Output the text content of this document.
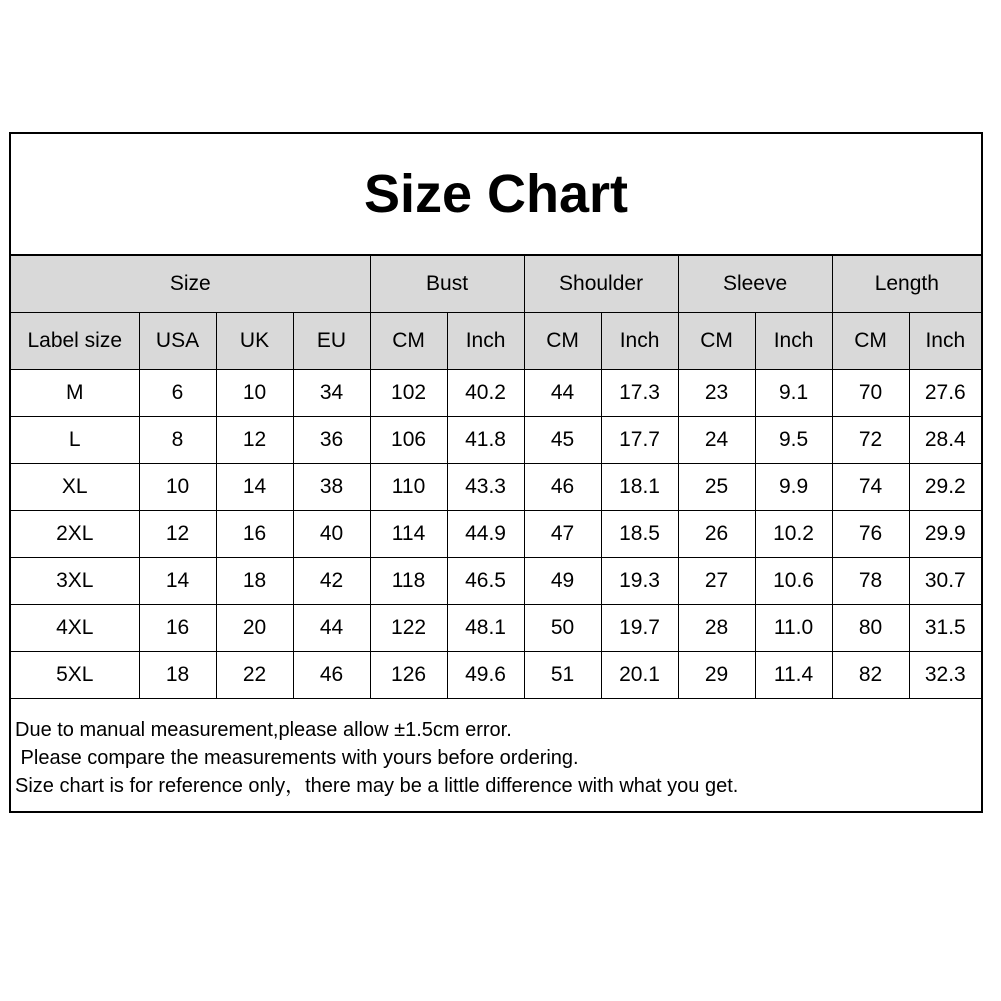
Size Chart
Size				Bust		Shoulder		Sleeve		Length	
Label size	USA	UK	EU	CM	Inch	CM	Inch	CM	Inch	CM	Inch
M	6	10	34	102	40.2	44	17.3	23	9.1	70	27.6
L	8	12	36	106	41.8	45	17.7	24	9.5	72	28.4
XL	10	14	38	110	43.3	46	18.1	25	9.9	74	29.2
2XL	12	16	40	114	44.9	47	18.5	26	10.2	76	29.9
3XL	14	18	42	118	46.5	49	19.3	27	10.6	78	30.7
4XL	16	20	44	122	48.1	50	19.7	28	11.0	80	31.5
5XL	18	22	46	126	49.6	51	20.1	29	11.4	82	32.3
Due to manual measurement,please allow ±1.5cm error.
Please compare the measurements with yours before ordering.
Size chart is for reference only，there may be a little difference with what you get.
